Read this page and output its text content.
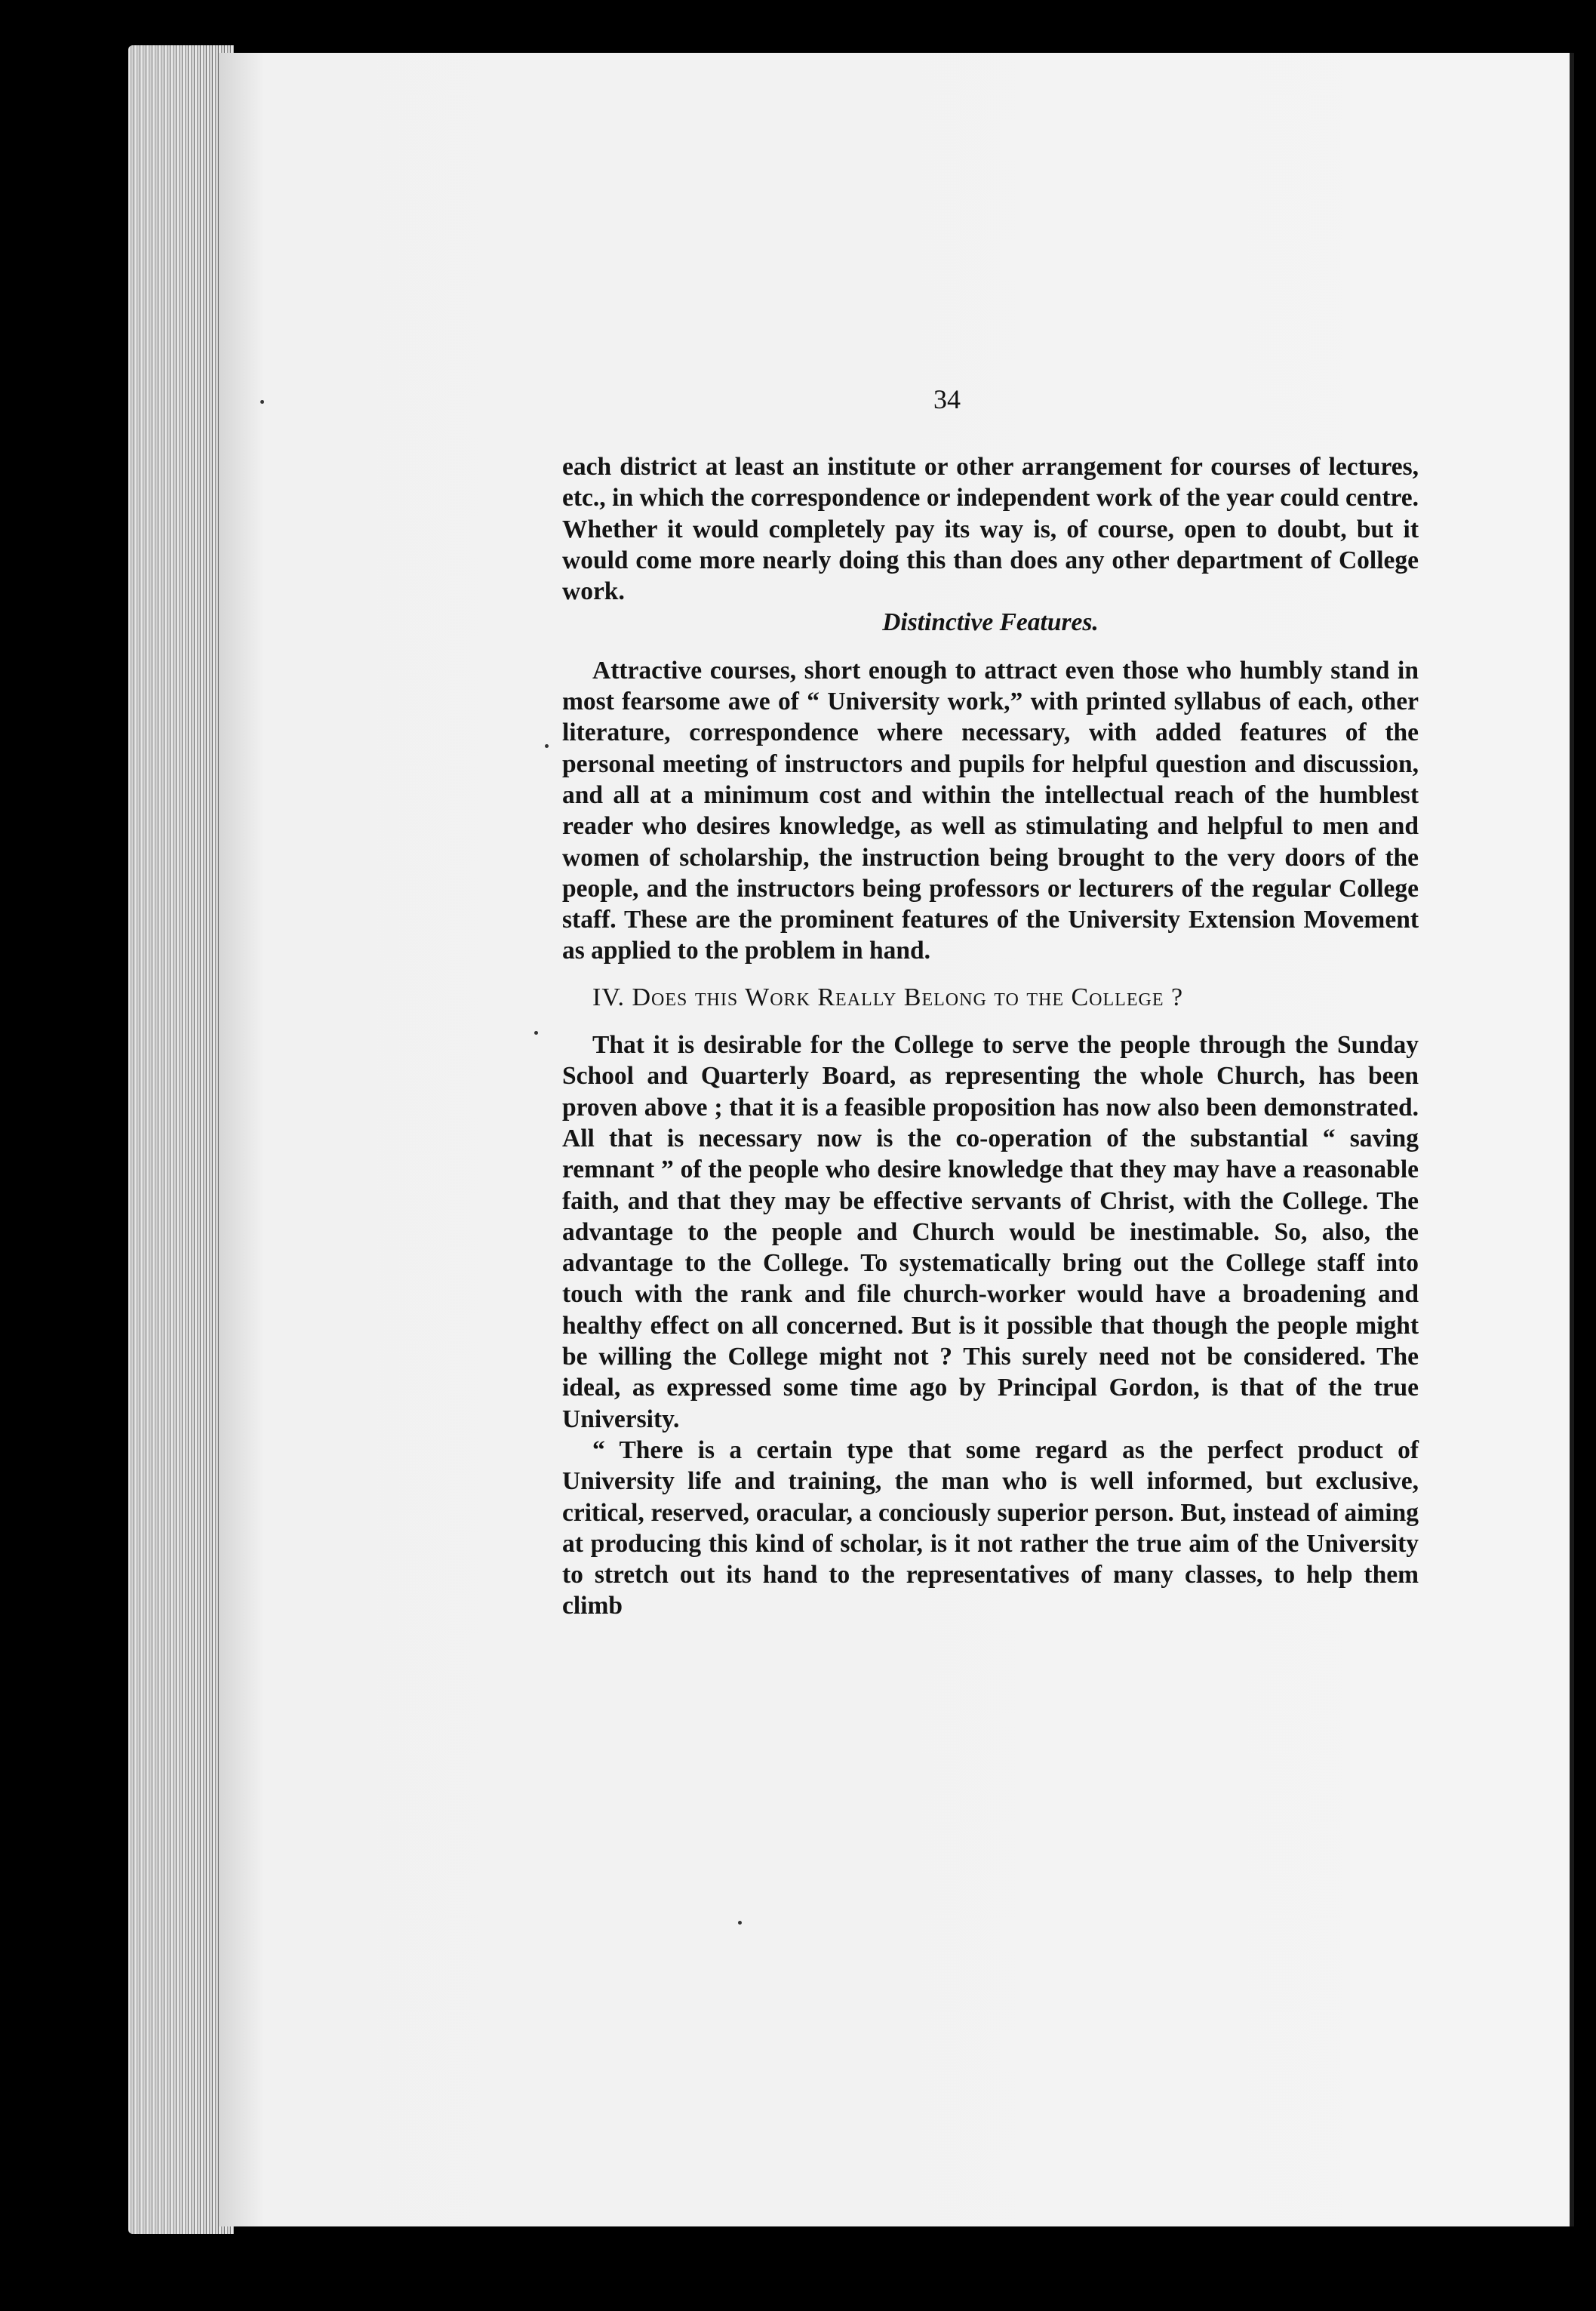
34

each district at least an institute or other arrangement for courses of lectures, etc., in which the correspondence or independent work of the year could centre. Whether it would completely pay its way is, of course, open to doubt, but it would come more nearly doing this than does any other department of College work.

Distinctive Features.

Attractive courses, short enough to attract even those who humbly stand in most fearsome awe of “ University work,” with printed syllabus of each, other literature, correspondence where necessary, with added features of the personal meeting of instructors and pupils for helpful question and discussion, and all at a minimum cost and within the intellectual reach of the humblest reader who desires knowledge, as well as stimulating and helpful to men and women of scholarship, the instruction being brought to the very doors of the people, and the instructors being professors or lecturers of the regular College staff. These are the prominent features of the University Extension Movement as applied to the problem in hand.

IV. Does this Work Really Belong to the College ?

That it is desirable for the College to serve the people through the Sunday School and Quarterly Board, as representing the whole Church, has been proven above ; that it is a feasible proposition has now also been demonstrated. All that is necessary now is the co-operation of the substantial “ saving remnant ” of the people who desire knowledge that they may have a reasonable faith, and that they may be effective servants of Christ, with the College. The advantage to the people and Church would be inestimable. So, also, the advantage to the College. To systematically bring out the College staff into touch with the rank and file church-worker would have a broadening and healthy effect on all concerned. But is it possible that though the people might be willing the College might not ? This surely need not be considered. The ideal, as expressed some time ago by Principal Gordon, is that of the true University.

“ There is a certain type that some regard as the perfect product of University life and training, the man who is well informed, but exclusive, critical, reserved, oracular, a conciously superior person. But, instead of aiming at producing this kind of scholar, is it not rather the true aim of the University to stretch out its hand to the representatives of many classes, to help them climb
